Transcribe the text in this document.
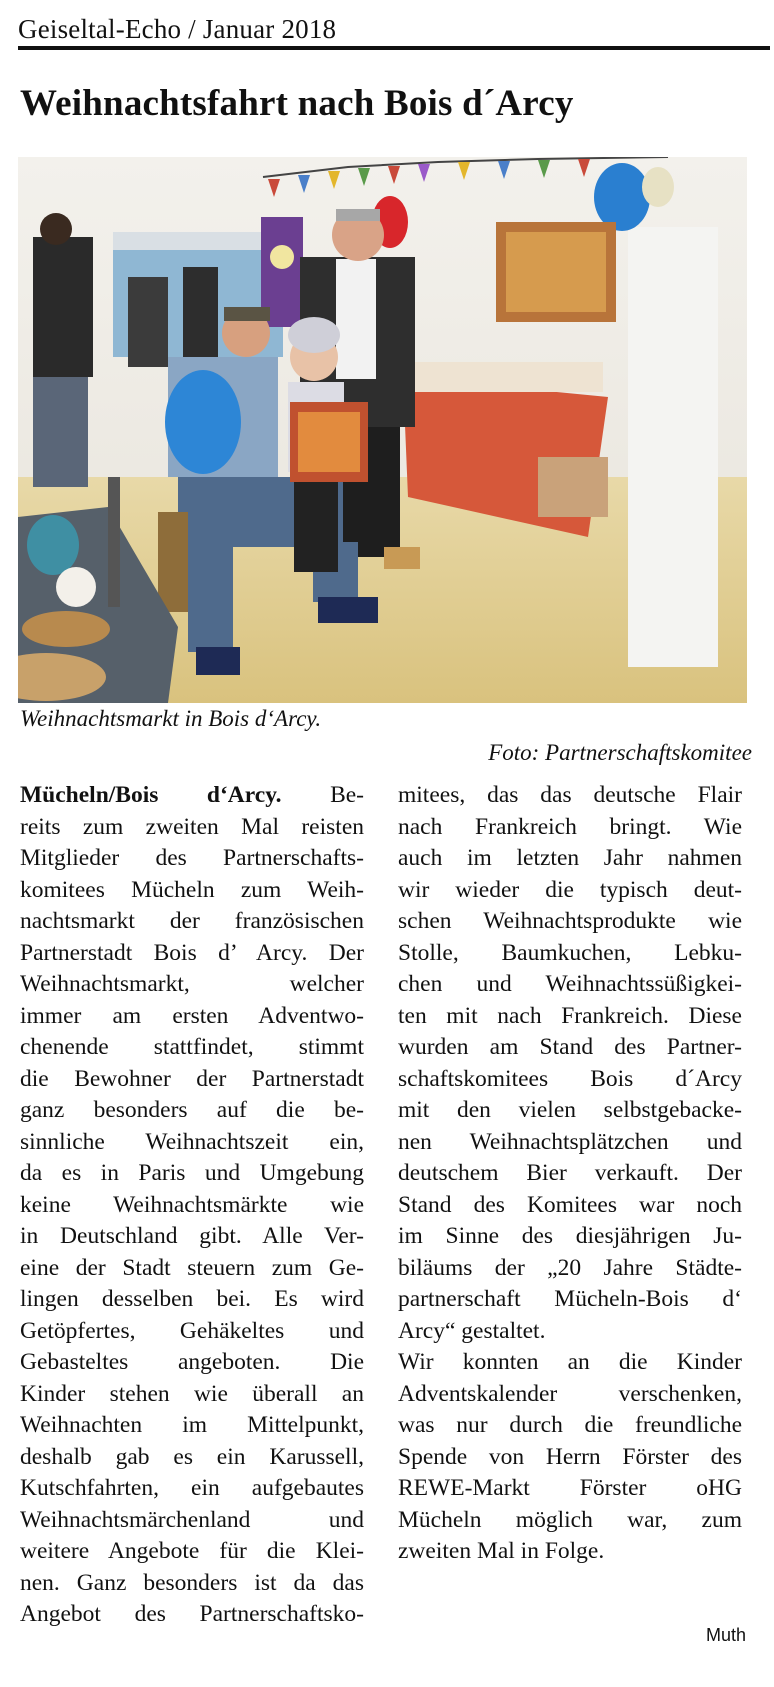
Geiseltal-Echo / Januar 2018
Weihnachtsfahrt nach Bois d´Arcy
Weihnachtsmarkt in Bois d‘Arcy.
Foto: Partnerschaftskomitee
Mücheln/Bois d‘Arcy. Be-
reits zum zweiten Mal reisten
Mitglieder des Partnerschafts-
komitees Mücheln zum Weih-
nachtsmarkt der französischen
Partnerstadt Bois d’ Arcy. Der
Weihnachtsmarkt, welcher
immer am ersten Adventwo-
chenende stattfindet, stimmt
die Bewohner der Partnerstadt
ganz besonders auf die be-
sinnliche Weihnachtszeit ein,
da es in Paris und Umgebung
keine Weihnachtsmärkte wie
in Deutschland gibt. Alle Ver-
eine der Stadt steuern zum Ge-
lingen desselben bei. Es wird
Getöpfertes, Gehäkeltes und
Gebasteltes angeboten. Die
Kinder stehen wie überall an
Weihnachten im Mittelpunkt,
deshalb gab es ein Karussell,
Kutschfahrten, ein aufgebautes
Weihnachtsmärchenland und
weitere Angebote für die Klei-
nen. Ganz besonders ist da das
Angebot des Partnerschaftsko-
mitees, das das deutsche Flair
nach Frankreich bringt. Wie
auch im letzten Jahr nahmen
wir wieder die typisch deut-
schen Weihnachtsprodukte wie
Stolle, Baumkuchen, Lebku-
chen und Weihnachtssüßigkei-
ten mit nach Frankreich. Diese
wurden am Stand des Partner-
schaftskomitees Bois d´Arcy
mit den vielen selbstgebacke-
nen Weihnachtsplätzchen und
deutschem Bier verkauft. Der
Stand des Komitees war noch
im Sinne des diesjährigen Ju-
biläums der „20 Jahre Städte-
partnerschaft Mücheln-Bois d‘
Arcy“ gestaltet.
Wir konnten an die Kinder
Adventskalender verschenken,
was nur durch die freundliche
Spende von Herrn Förster des
REWE-Markt Förster oHG
Mücheln möglich war, zum
zweiten Mal in Folge.
Muth
